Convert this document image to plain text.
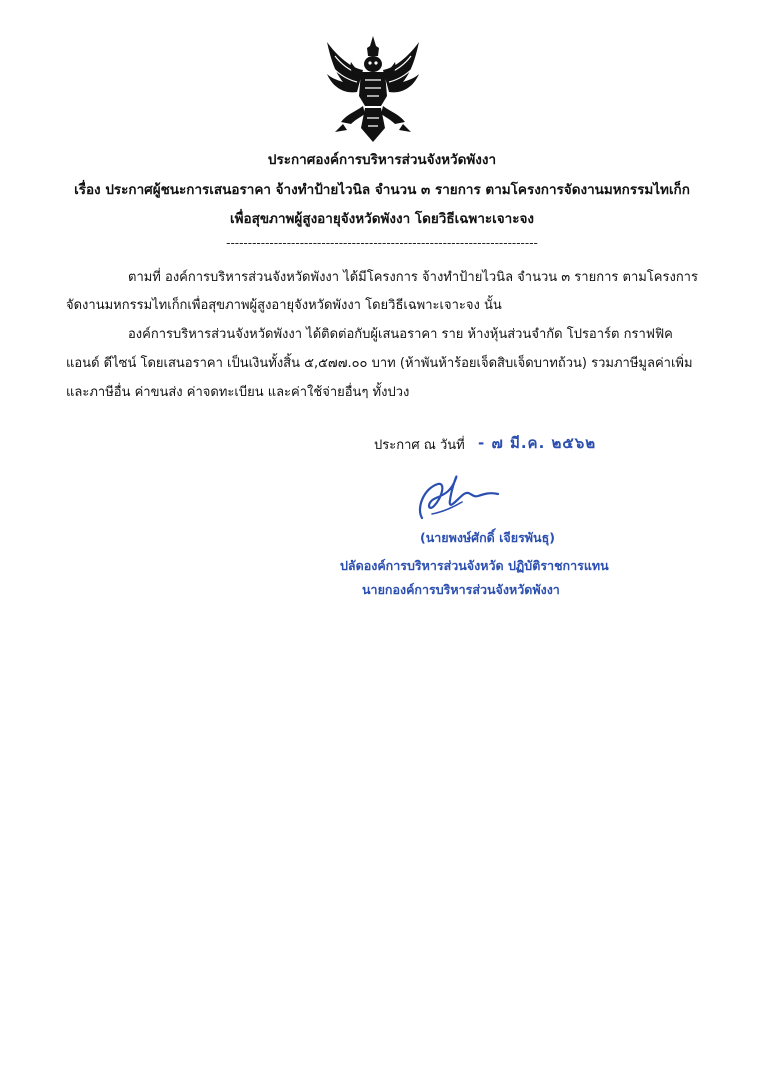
ประกาศองค์การบริหารส่วนจังหวัดพังงา
เรื่อง ประกาศผู้ชนะการเสนอราคา จ้างทำป้ายไวนิล จำนวน ๓ รายการ ตามโครงการจัดงานมหกรรมไทเก็ก
เพื่อสุขภาพผู้สูงอายุจังหวัดพังงา โดยวิธีเฉพาะเจาะจง
------------------------------------------------------------------------
ตามที่ องค์การบริหารส่วนจังหวัดพังงา ได้มีโครงการ จ้างทำป้ายไวนิล จำนวน ๓ รายการ ตามโครงการ
จัดงานมหกรรมไทเก็กเพื่อสุขภาพผู้สูงอายุจังหวัดพังงา โดยวิธีเฉพาะเจาะจง นั้น
องค์การบริหารส่วนจังหวัดพังงา ได้ติดต่อกับผู้เสนอราคา ราย ห้างหุ้นส่วนจำกัด โปรอาร์ต กราฟฟิค
แอนด์ ดีไซน์ โดยเสนอราคา เป็นเงินทั้งสิ้น ๕,๕๗๗.๐๐ บาท (ห้าพันห้าร้อยเจ็ดสิบเจ็ดบาทถ้วน) รวมภาษีมูลค่าเพิ่ม
และภาษีอื่น ค่าขนส่ง ค่าจดทะเบียน และค่าใช้จ่ายอื่นๆ ทั้งปวง
ประกาศ ณ วันที่ - ๗ มี.ค. ๒๕๖๒
(นายพงษ์ศักดิ์ เจียรพันธุ)
ปลัดองค์การบริหารส่วนจังหวัด ปฏิบัติราชการแทน
นายกองค์การบริหารส่วนจังหวัดพังงา
